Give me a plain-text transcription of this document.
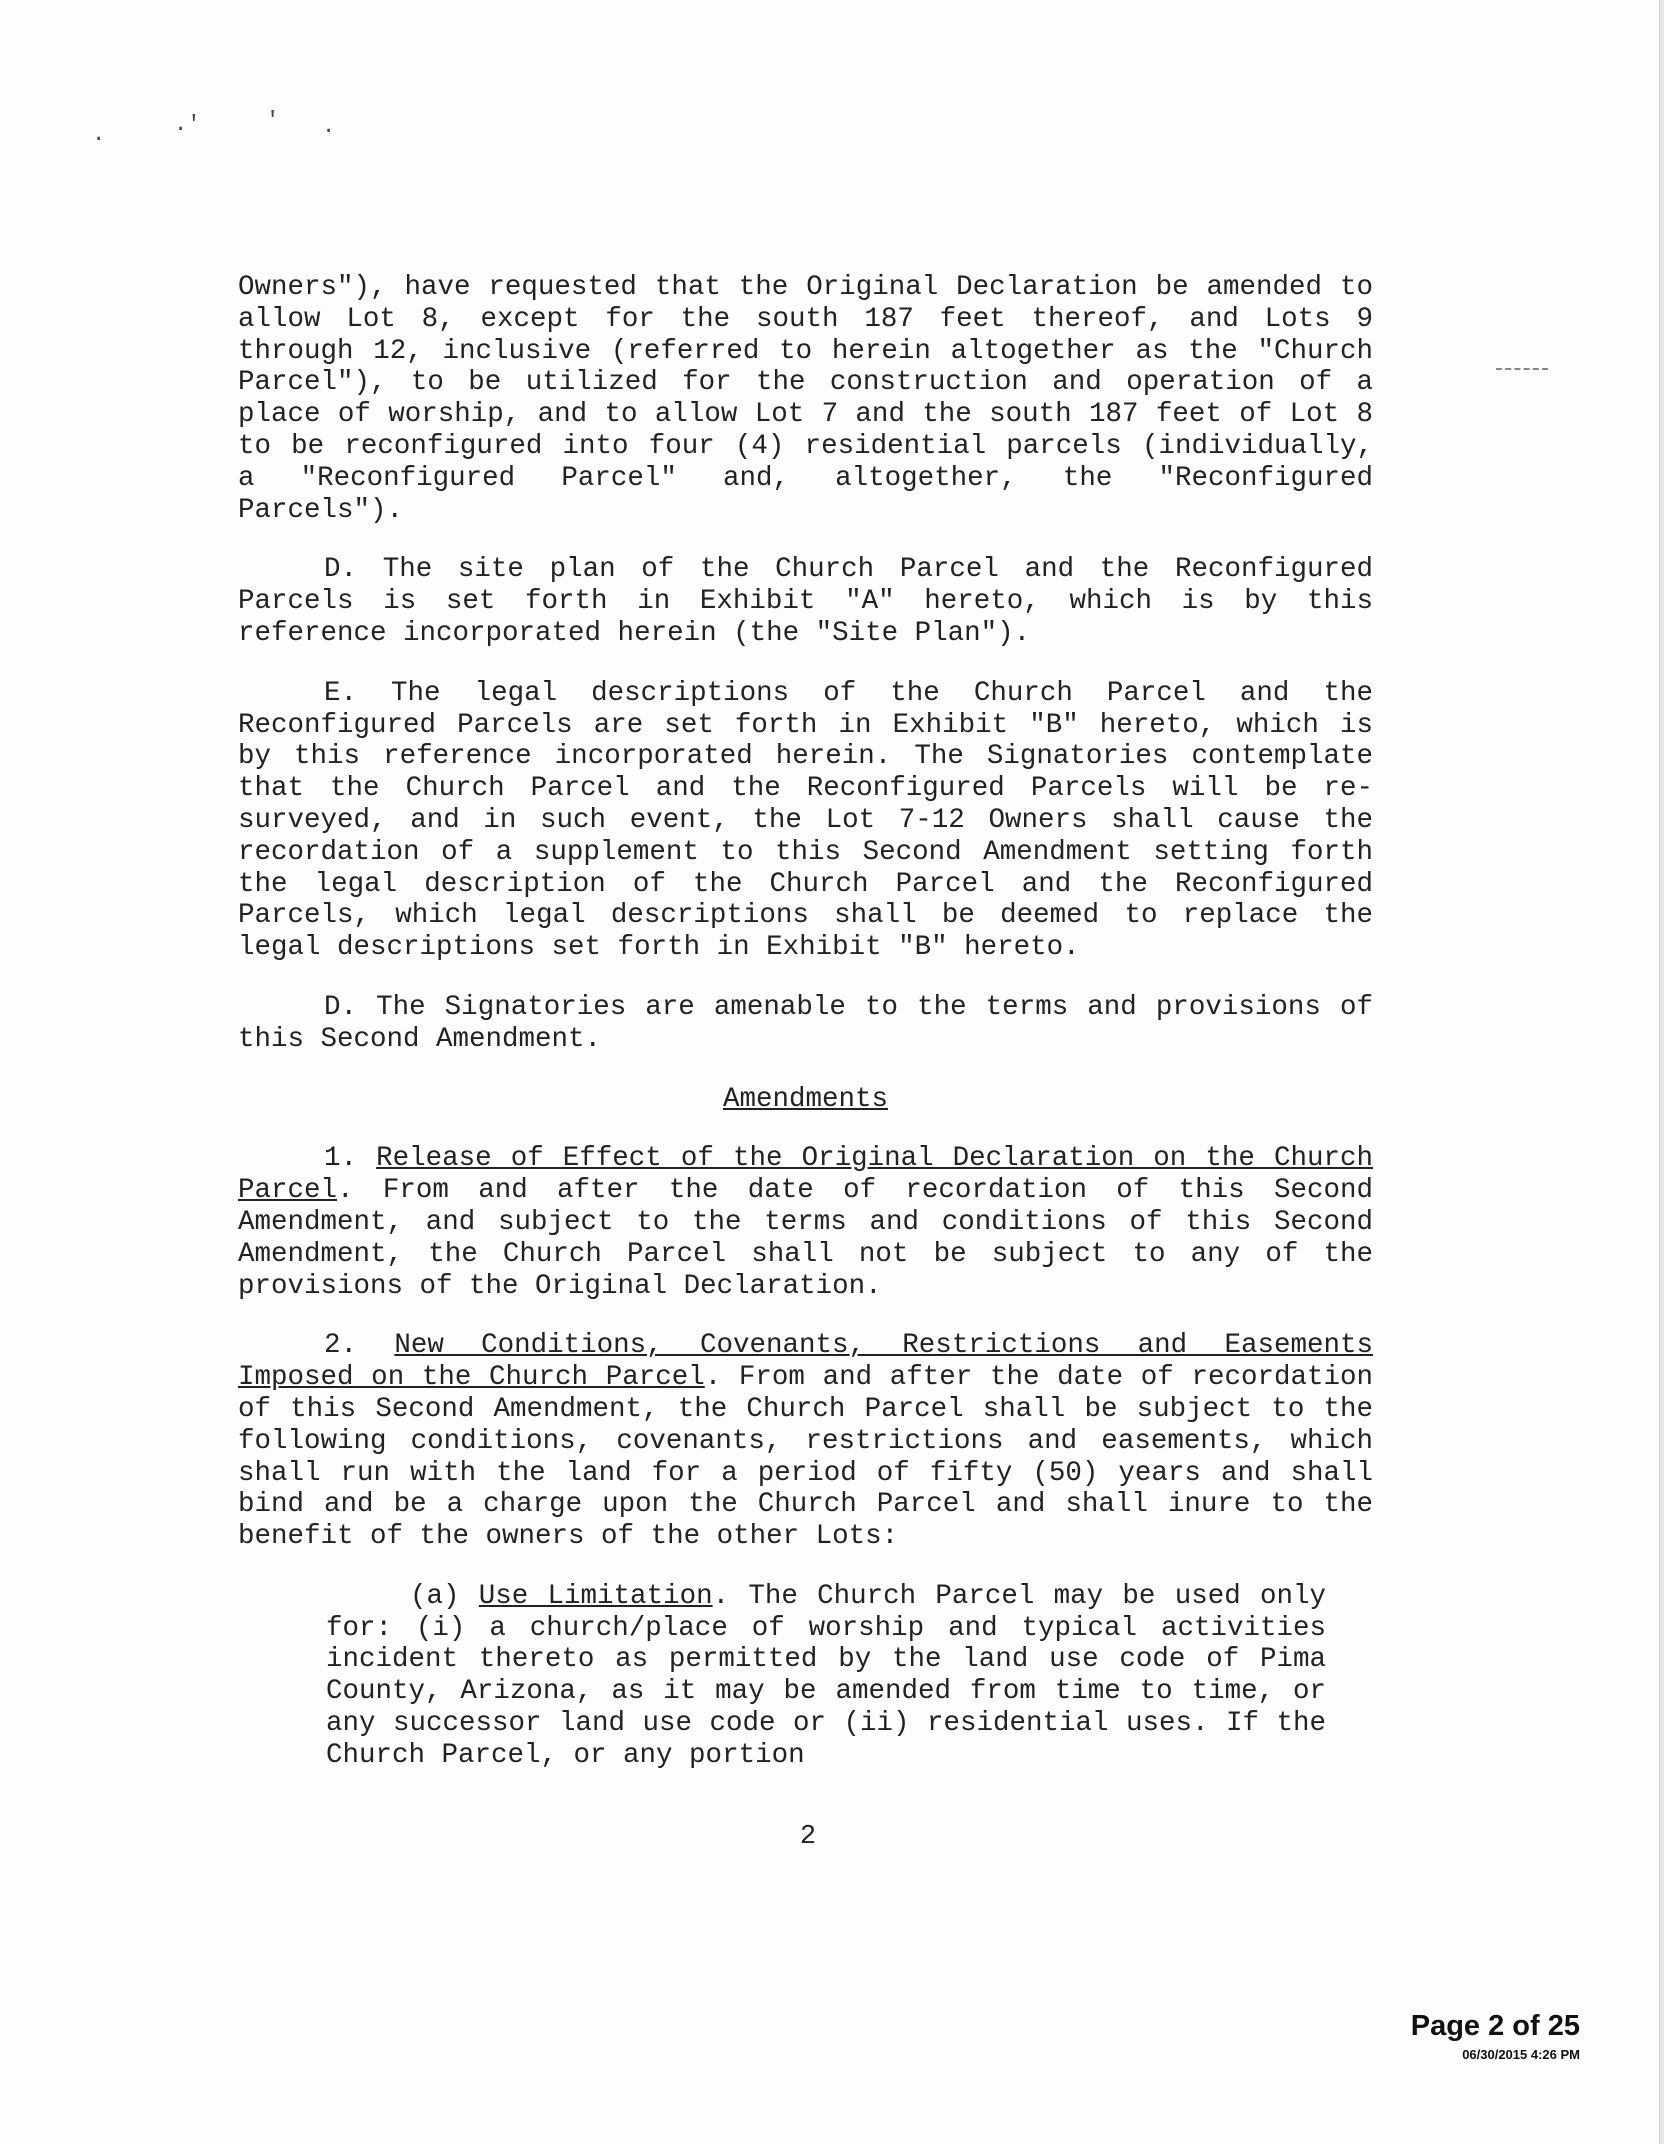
.	.'	' .

Owners"), have requested that the Original Declaration be amended to allow Lot 8, except for the south 187 feet thereof, and Lots 9 through 12, inclusive (referred to herein altogether as the "Church Parcel"), to be utilized for the construction and operation of a place of worship, and to allow Lot 7 and the south 187 feet of Lot 8 to be reconfigured into four (4) residential parcels (individually, a "Reconfigured Parcel" and, altogether, the "Reconfigured Parcels").

D. The site plan of the Church Parcel and the Reconfigured Parcels is set forth in Exhibit "A" hereto, which is by this reference incorporated herein (the "Site Plan").

E. The legal descriptions of the Church Parcel and the Reconfigured Parcels are set forth in Exhibit "B" hereto, which is by this reference incorporated herein. The Signatories contemplate that the Church Parcel and the Reconfigured Parcels will be re-surveyed, and in such event, the Lot 7-12 Owners shall cause the recordation of a supplement to this Second Amendment setting forth the legal description of the Church Parcel and the Reconfigured Parcels, which legal descriptions shall be deemed to replace the legal descriptions set forth in Exhibit "B" hereto.

D. The Signatories are amenable to the terms and provisions of this Second Amendment.

Amendments

1. Release of Effect of the Original Declaration on the Church Parcel. From and after the date of recordation of this Second Amendment, and subject to the terms and conditions of this Second Amendment, the Church Parcel shall not be subject to any of the provisions of the Original Declaration.

2. New Conditions, Covenants, Restrictions and Easements Imposed on the Church Parcel. From and after the date of recordation of this Second Amendment, the Church Parcel shall be subject to the following conditions, covenants, restrictions and easements, which shall run with the land for a period of fifty (50) years and shall bind and be a charge upon the Church Parcel and shall inure to the benefit of the owners of the other Lots:

(a) Use Limitation. The Church Parcel may be used only for: (i) a church/place of worship and typical activities incident thereto as permitted by the land use code of Pima County, Arizona, as it may be amended from time to time, or any successor land use code or (ii) residential uses. If the Church Parcel, or any portion

2
Page 2 of 25
06/30/2015 4:26 PM
